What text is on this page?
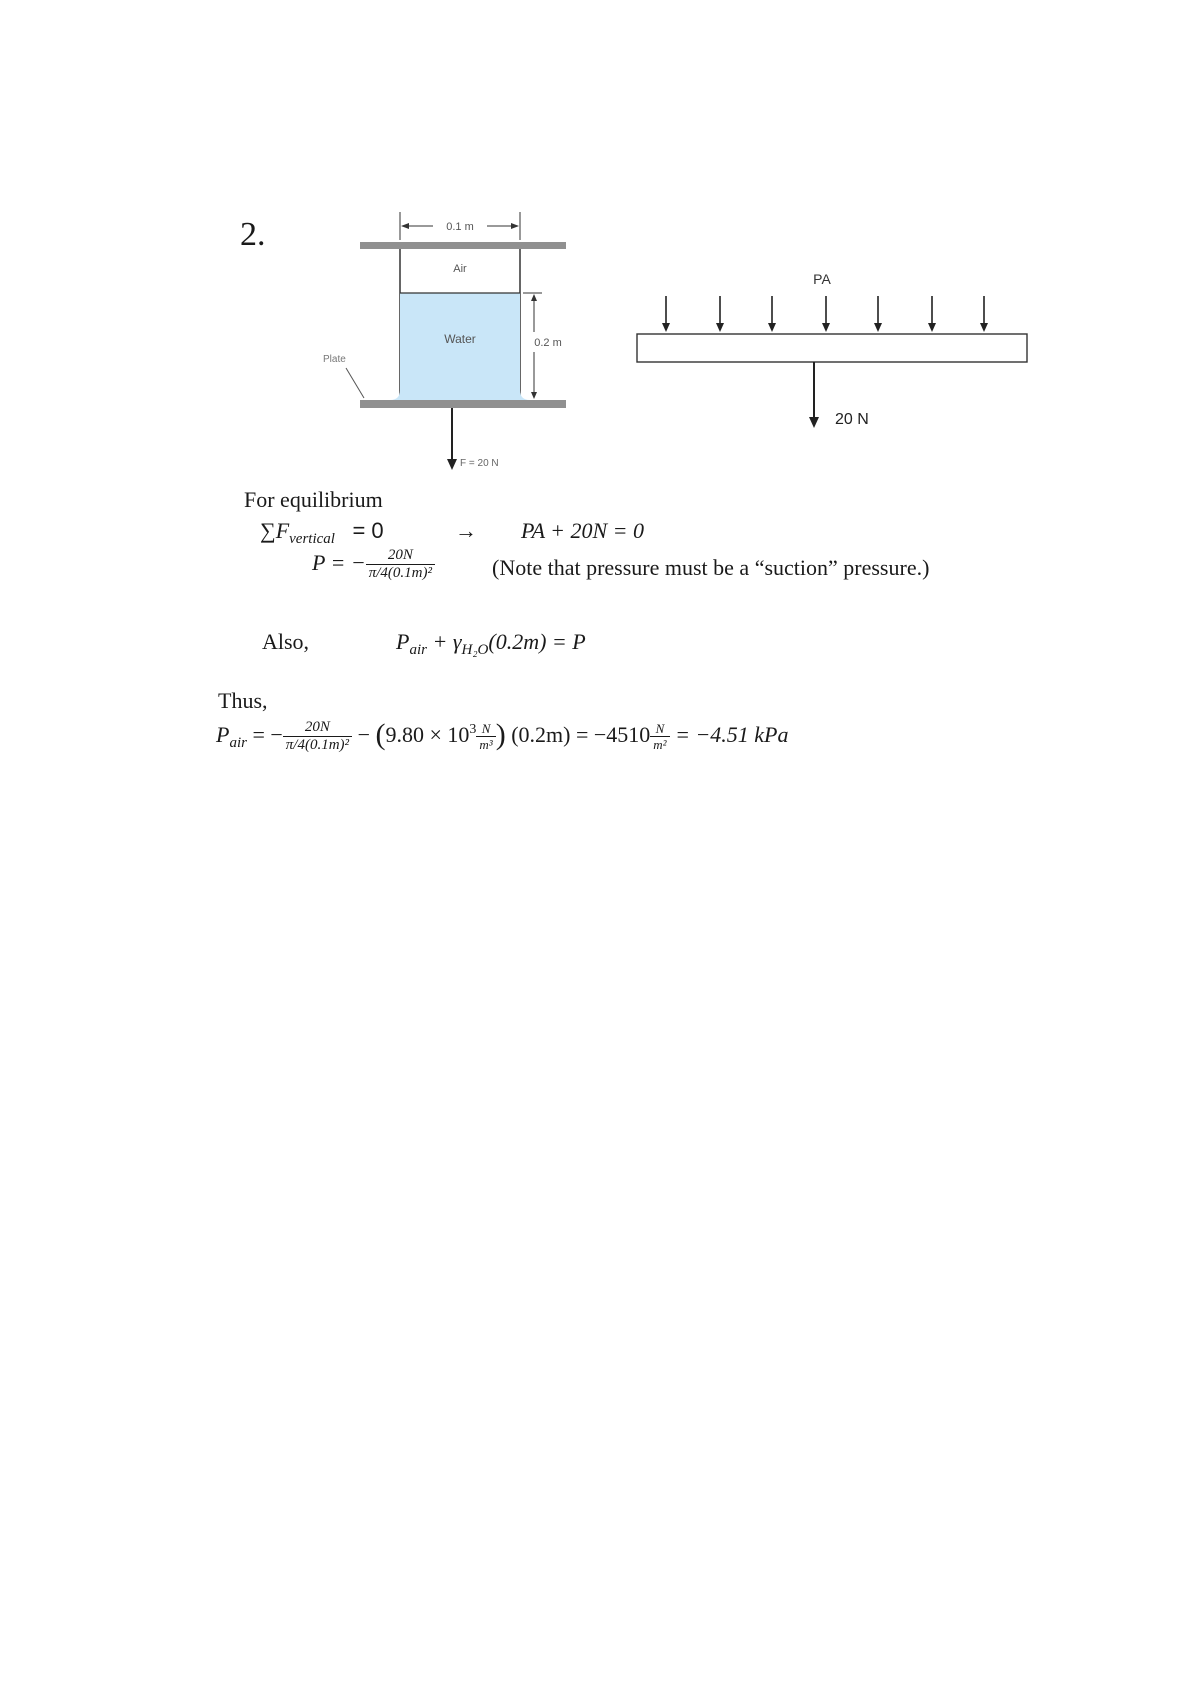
2.	0.1 m
Air
Water	0.2 m
Plate
F = 20 N
PA
20 N
For equilibrium
$\sum F_{vertical} = 0$	→ PA + 20N = 0
P = − $\frac{20N}{\text{π/4(0.1m)²}}$	(Note that pressure must be a “suction” pressure.)
Also,	$P_{air} + \gamma_{H_2O}(0.2m) = P$
Thus,
$P_{air}$ = − $\frac{20N}{\text{π/4(0.1m)²}} - (9.80 \times 10^3 \frac{N}{\text{m³}}$ ) $(0.2m) = -4510 \frac{N}{\text{m²}} = -4.51$ kPa
